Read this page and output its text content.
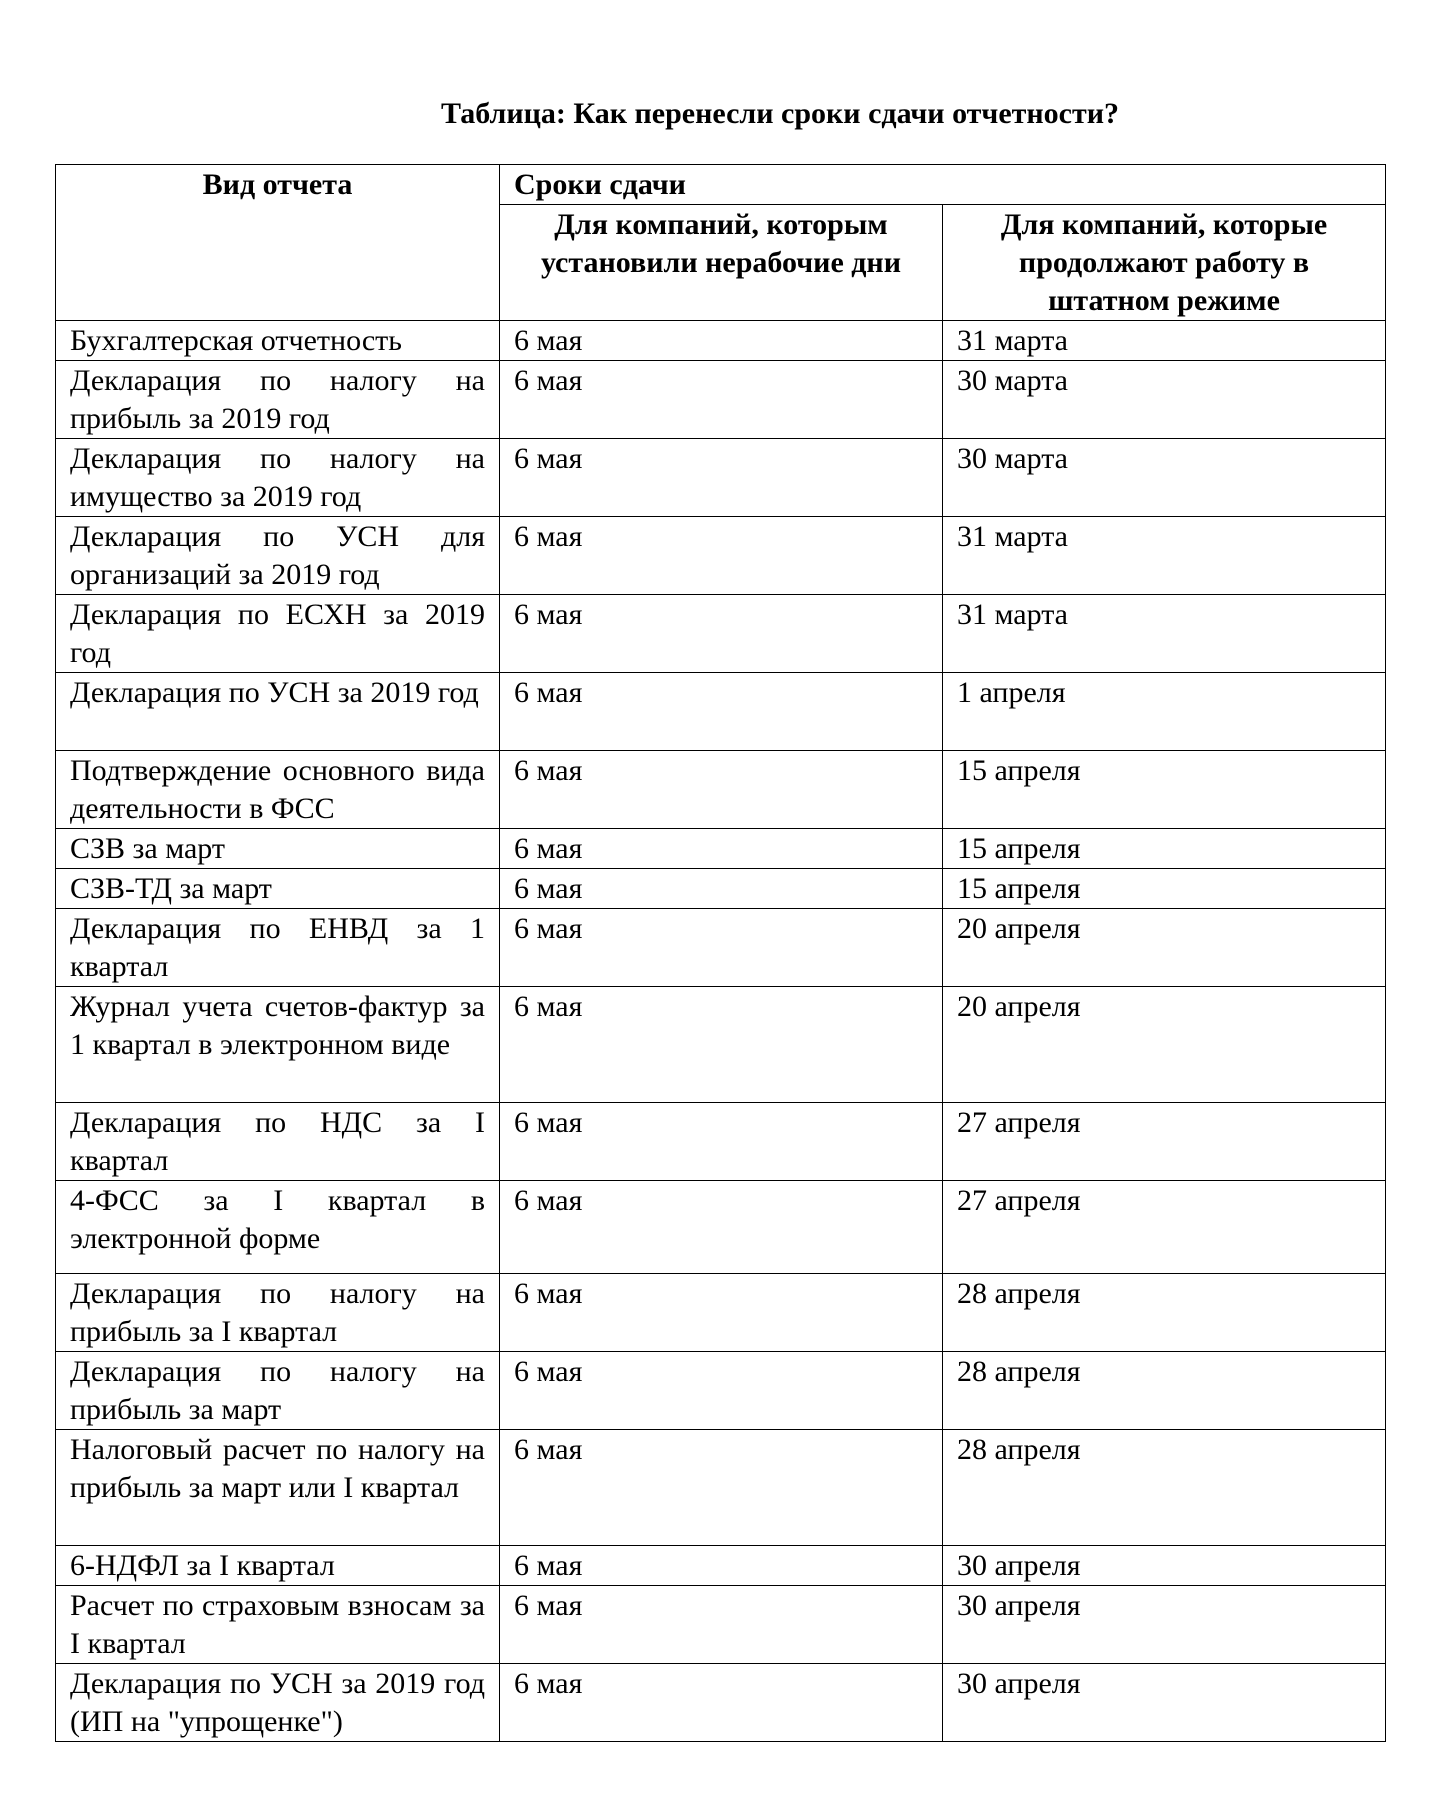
Таблица: Как перенесли сроки сдачи отчетности?
Вид отчета	Сроки сдачи	
	Для компаний, которым установили нерабочие дни	Для компаний, которые продолжают работу в штатном режиме
Бухгалтерская отчетность	6 мая	31 марта
Декларация по налогу на прибыль за 2019 год	6 мая	30 марта
Декларация по налогу на имущество за 2019 год	6 мая	30 марта
Декларация по УСН для организаций за 2019 год	6 мая	31 марта
Декларация по ЕСХН за 2019 год	6 мая	31 марта
Декларация по УСН за 2019 год	6 мая	1 апреля
Подтверждение основного вида деятельности в ФСС	6 мая	15 апреля
СЗВ за март	6 мая	15 апреля
СЗВ-ТД за март	6 мая	15 апреля
Декларация по ЕНВД за 1 квартал	6 мая	20 апреля
Журнал учета счетов-фактур за 1 квартал в электронном виде	6 мая	20 апреля
Декларация по НДС за I квартал	6 мая	27 апреля
4-ФСС за I квартал в электронной форме	6 мая	27 апреля
Декларация по налогу на прибыль за I квартал	6 мая	28 апреля
Декларация по налогу на прибыль за март	6 мая	28 апреля
Налоговый расчет по налогу на прибыль за март или I квартал	6 мая	28 апреля
6-НДФЛ за I квартал	6 мая	30 апреля
Расчет по страховым взносам за I квартал	6 мая	30 апреля
Декларация по УСН за 2019 год (ИП на "упрощенке")	6 мая	30 апреля
